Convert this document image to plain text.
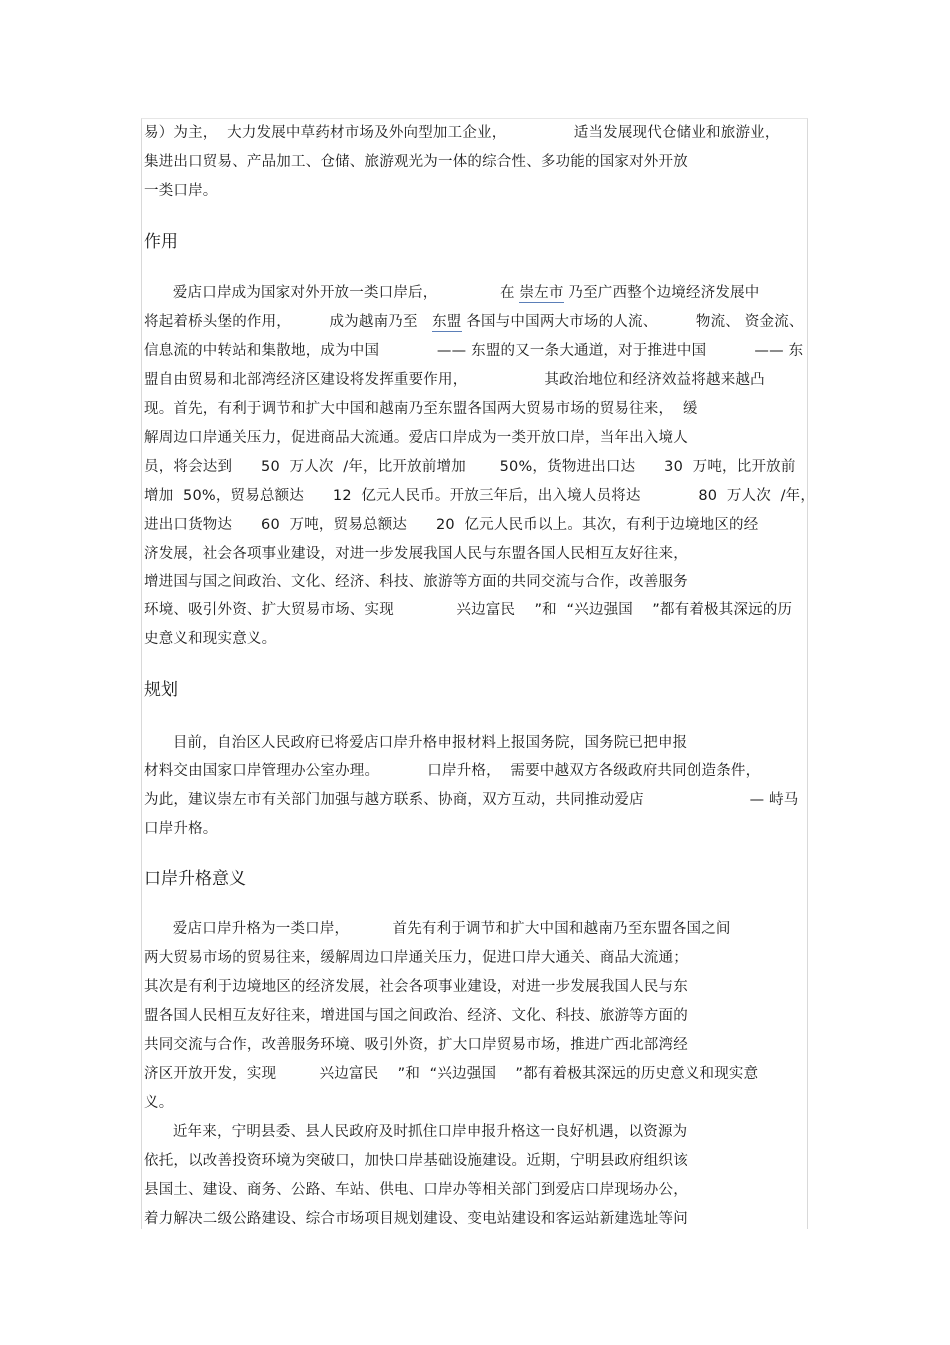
易）为主，  大力发展中草药材市场及外向型加工企业，              适当发展现代仓储业和旅游业，
集进出口贸易、产品加工、仓储、旅游观光为一体的综合性、多功能的国家对外开放
一类口岸。
作用
爱店口岸成为国家对外开放一类口岸后，             在 崇左市 乃至广西整个边境经济发展中
将起着桥头堡的作用，        成为越南乃至   东盟 各国与中国两大市场的人流、        物流、 资金流、
信息流的中转站和集散地，成为中国            —— 东盟的又一条大通道，对于推进中国          —— 东
盟自由贸易和北部湾经济区建设将发挥重要作用，                其政治地位和经济效益将越来越凸
现。首先，有利于调节和扩大中国和越南乃至东盟各国两大贸易市场的贸易往来，  缓
解周边口岸通关压力，促进商品大流通。爱店口岸成为一类开放口岸，当年出入境人
员，将会达到      50  万人次  /年，比开放前增加       50%，货物进出口达      30  万吨，比开放前
增加  50%，贸易总额达      12  亿元人民币。开放三年后，出入境人员将达            80  万人次  /年，
进出口货物达      60  万吨，贸易总额达      20  亿元人民币以上。其次，有利于边境地区的经
济发展，社会各项事业建设，对进一步发展我国人民与东盟各国人民相互友好往来，
增进国与国之间政治、文化、经济、科技、旅游等方面的共同交流与合作，改善服务
环境、吸引外资、扩大贸易市场、实现             兴边富民    ”和  “兴边强国    ”都有着极其深远的历
史意义和现实意义。
规划
目前，自治区人民政府已将爱店口岸升格申报材料上报国务院，国务院已把申报
材料交由国家口岸管理办公室办理。          口岸升格，  需要中越双方各级政府共同创造条件，
为此，建议崇左市有关部门加强与越方联系、协商，双方互动，共同推动爱店                      — 峙马
口岸升格。
口岸升格意义
爱店口岸升格为一类口岸，         首先有利于调节和扩大中国和越南乃至东盟各国之间
两大贸易市场的贸易往来，缓解周边口岸通关压力，促进口岸大通关、商品大流通；
其次是有利于边境地区的经济发展，社会各项事业建设，对进一步发展我国人民与东
盟各国人民相互友好往来，增进国与国之间政治、经济、文化、科技、旅游等方面的
共同交流与合作，改善服务环境、吸引外资，扩大口岸贸易市场，推进广西北部湾经
济区开放开发，实现         兴边富民    ”和  “兴边强国    ”都有着极其深远的历史意义和现实意
义。
近年来，宁明县委、县人民政府及时抓住口岸申报升格这一良好机遇，以资源为
依托，以改善投资环境为突破口，加快口岸基础设施建设。近期，宁明县政府组织该
县国土、建设、商务、公路、车站、供电、口岸办等相关部门到爱店口岸现场办公，
着力解决二级公路建设、综合市场项目规划建设、变电站建设和客运站新建选址等问
